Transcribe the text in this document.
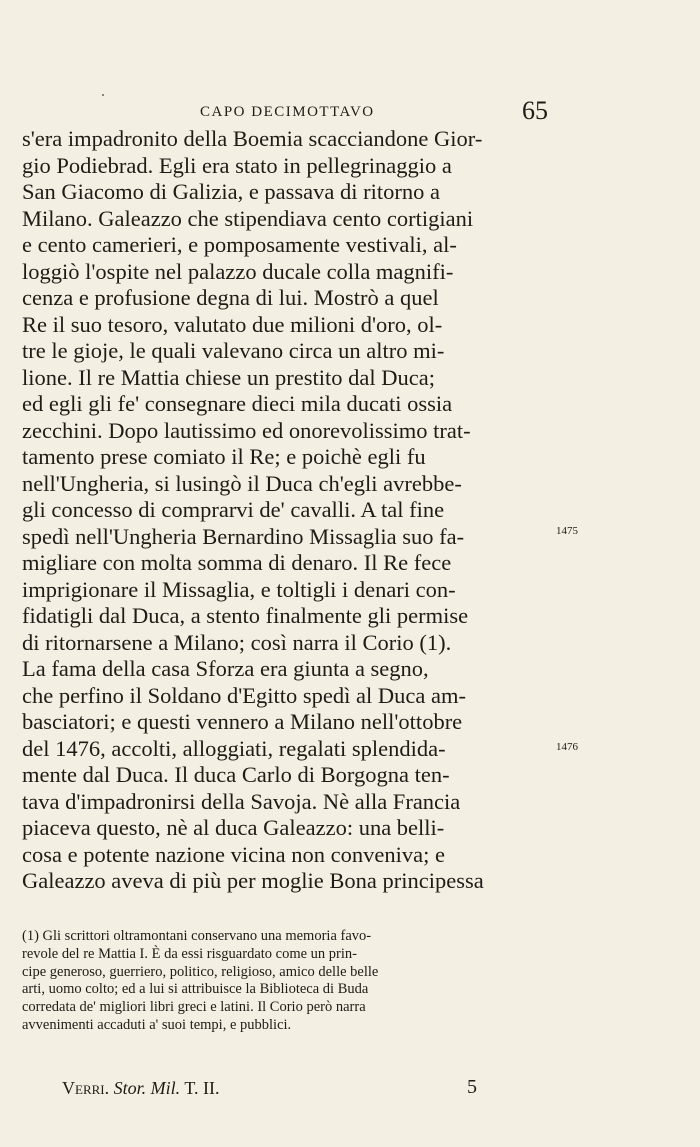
CAPO DECIMOTTAVO	65
s'era impadronito della Boemia scacciandone Gior-
gio Podiebrad. Egli era stato in pellegrinaggio a
San Giacomo di Galizia, e passava di ritorno a
Milano. Galeazzo che stipendiava cento cortigiani
e cento camerieri, e pomposamente vestivali, al-
loggiò l'ospite nel palazzo ducale colla magnifi-
cenza e profusione degna di lui. Mostrò a quel
Re il suo tesoro, valutato due milioni d'oro, ol-
tre le gioje, le quali valevano circa un altro mi-
lione. Il re Mattia chiese un prestito dal Duca;
ed egli gli fe' consegnare dieci mila ducati ossia
zecchini. Dopo lautissimo ed onorevolissimo trat-
tamento prese comiato il Re; e poichè egli fu
nell'Ungheria, si lusingò il Duca ch'egli avrebbe-
gli concesso di comprarvi de' cavalli. A tal fine
spedì nell'Ungheria Bernardino Missaglia suo fa-
migliare con molta somma di denaro. Il Re fece
imprigionare il Missaglia, e toltigli i denari con-
fidatigli dal Duca, a stento finalmente gli permise
di ritornarsene a Milano; così narra il Corio (1).
La fama della casa Sforza era giunta a segno,
che perfino il Soldano d'Egitto spedì al Duca am-
basciatori; e questi vennero a Milano nell'ottobre
del 1476, accolti, alloggiati, regalati splendida-
mente dal Duca. Il duca Carlo di Borgogna ten-
tava d'impadronirsi della Savoja. Nè alla Francia
piaceva questo, nè al duca Galeazzo: una belli-
cosa e potente nazione vicina non conveniva; e
Galeazzo aveva di più per moglie Bona principessa
1475
1476
(1) Gli scrittori oltramontani conservano una memoria favo-
revole del re Mattia I. È da essi risguardato come un prin-
cipe generoso, guerriero, politico, religioso, amico delle belle
arti, uomo colto; ed a lui si attribuisce la Biblioteca di Buda
corredata de' migliori libri greci e latini. Il Corio però narra
avvenimenti accaduti a' suoi tempi, e pubblici.
Verri. Stor. Mil. T. II.	5
